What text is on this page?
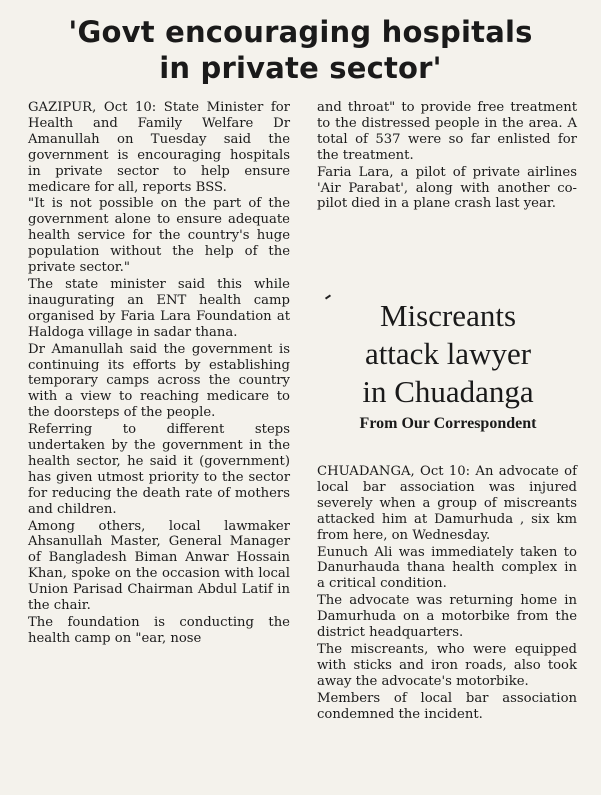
'Govt encouraging hospitals
in private sector'

GAZIPUR, Oct 10: State Minister for Health and Family Welfare Dr Amanullah on Tuesday said the government is encouraging hospitals in private sector to help ensure medicare for all, reports BSS.

"It is not possible on the part of the government alone to ensure adequate health service for the country's huge population without the help of the private sector."

The state minister said this while inaugurating an ENT health camp organised by Faria Lara Foundation at Haldoga village in sadar thana.

Dr Amanullah said the government is continuing its efforts by establishing temporary camps across the country with a view to reaching medicare to the doorsteps of the people.

Referring to different steps undertaken by the government in the health sector, he said it (government) has given utmost priority to the sector for reducing the death rate of mothers and children.

Among others, local lawmaker Ahsanullah Master, General Manager of Bangladesh Biman Anwar Hossain Khan, spoke on the occasion with local Union Parisad Chairman Abdul Latif in the chair.

The foundation is conducting the health camp on "ear, nose

and throat" to provide free treatment to the distressed people in the area. A total of 537 were so far enlisted for the treatment.

Faria Lara, a pilot of private airlines 'Air Parabat', along with another co-pilot died in a plane crash last year.

Miscreants
attack lawyer
in Chuadanga
From Our Correspondent

CHUADANGA, Oct 10: An advocate of local bar association was injured severely when a group of miscreants attacked him at Damurhuda , six km from here, on Wednesday.

Eunuch Ali was immediately taken to Danurhauda thana health complex in a critical condition.

The advocate was returning home in Damurhuda on a motorbike from the district headquarters.

The miscreants, who were equipped with sticks and iron roads, also took away the advocate's motorbike.

Members of local bar association condemned the incident.
